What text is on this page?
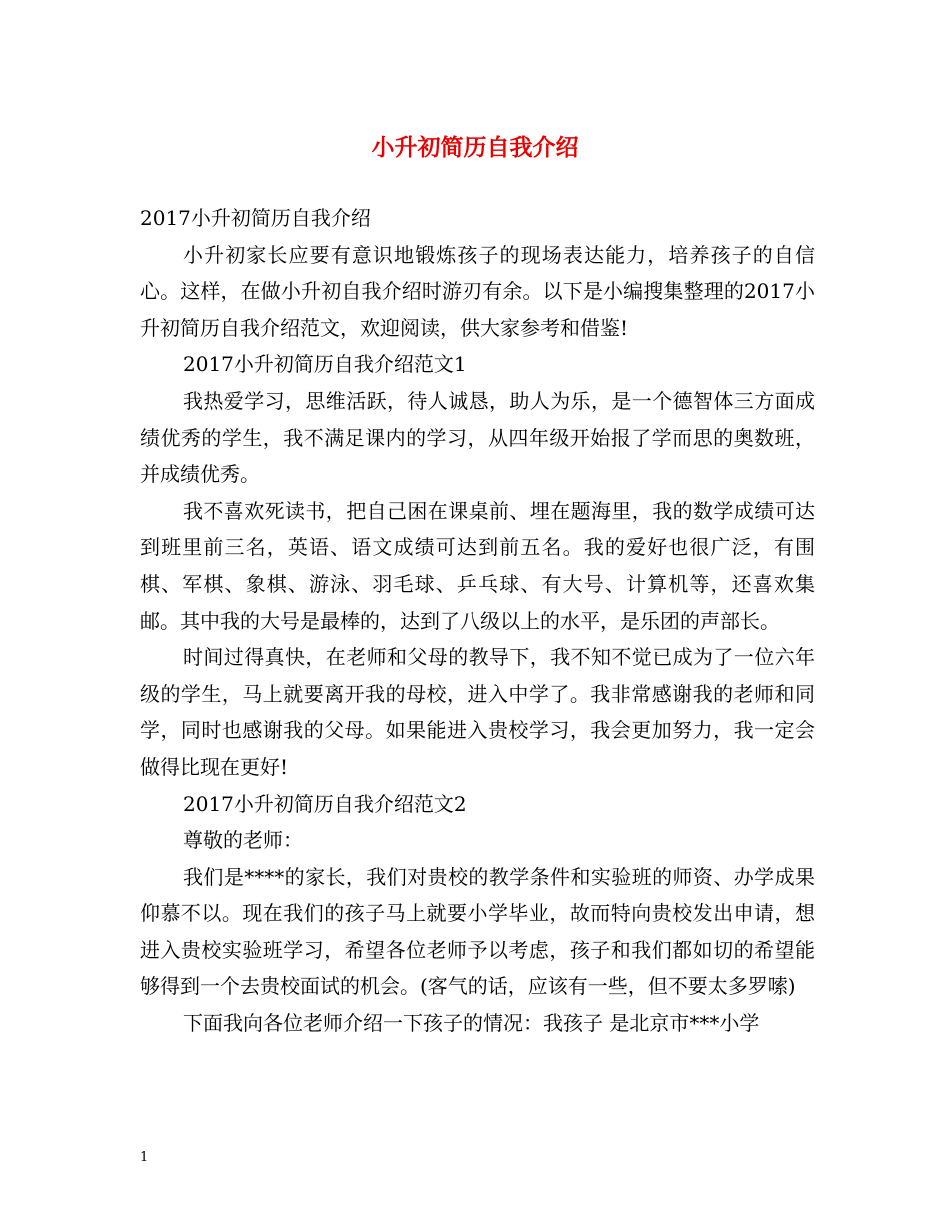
小升初简历自我介绍

2017小升初简历自我介绍

小升初家长应要有意识地锻炼孩子的现场表达能力，培养孩子的自信心。这样，在做小升初自我介绍时游刃有余。以下是小编搜集整理的2017小升初简历自我介绍范文，欢迎阅读，供大家参考和借鉴!

2017小升初简历自我介绍范文1

我热爱学习，思维活跃，待人诚恳，助人为乐，是一个德智体三方面成绩优秀的学生，我不满足课内的学习，从四年级开始报了学而思的奥数班，并成绩优秀。

我不喜欢死读书，把自己困在课桌前、埋在题海里，我的数学成绩可达到班里前三名，英语、语文成绩可达到前五名。我的爱好也很广泛，有围棋、军棋、象棋、游泳、羽毛球、乒乓球、有大号、计算机等，还喜欢集邮。其中我的大号是最棒的，达到了八级以上的水平，是乐团的声部长。

时间过得真快，在老师和父母的教导下，我不知不觉已成为了一位六年级的学生，马上就要离开我的母校，进入中学了。我非常感谢我的老师和同学，同时也感谢我的父母。如果能进入贵校学习，我会更加努力，我一定会做得比现在更好!

2017小升初简历自我介绍范文2

尊敬的老师：

我们是****的家长，我们对贵校的教学条件和实验班的师资、办学成果仰慕不以。现在我们的孩子马上就要小学毕业，故而特向贵校发出申请，想进入贵校实验班学习，希望各位老师予以考虑，孩子和我们都如切的希望能够得到一个去贵校面试的机会。(客气的话，应该有一些，但不要太多罗嗦)

下面我向各位老师介绍一下孩子的情况：我孩子 是北京市***小学

1
